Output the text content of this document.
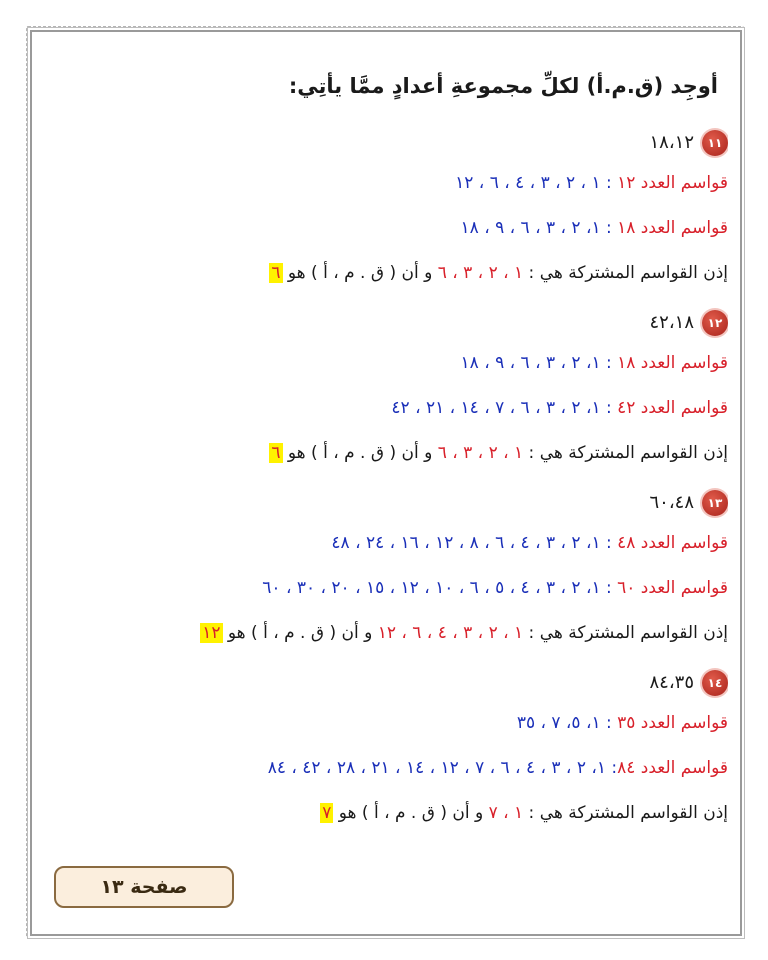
أوجِد (ق.م.أ) لكلِّ مجموعةِ أعدادٍ ممَّا يأتِي:
١١
١٨،١٢
قواسم العدد ١٢ : ١ ، ٢ ، ٣ ، ٤ ، ٦ ، ١٢
قواسم العدد ١٨ : ١، ٢ ، ٣ ، ٦ ، ٩ ، ١٨
إذن القواسم المشتركة هي : ١ ، ٢ ، ٣ ، ٦ و أن ( ق . م ، أ ) هو ٦
١٢
٤٢،١٨
قواسم العدد ١٨ : ١، ٢ ، ٣ ، ٦ ، ٩ ، ١٨
قواسم العدد ٤٢ : ١، ٢ ، ٣ ، ٦ ، ٧ ، ١٤ ، ٢١ ، ٤٢
إذن القواسم المشتركة هي : ١ ، ٢ ، ٣ ، ٦ و أن ( ق . م ، أ ) هو ٦
١٣
٦٠،٤٨
قواسم العدد ٤٨ : ١، ٢ ، ٣ ، ٤ ، ٦ ، ٨ ، ١٢ ، ١٦ ، ٢٤ ، ٤٨
قواسم العدد ٦٠ : ١، ٢ ، ٣ ، ٤ ، ٥ ، ٦ ، ١٠ ، ١٢ ، ١٥ ، ٢٠ ، ٣٠ ، ٦٠
إذن القواسم المشتركة هي : ١ ، ٢ ، ٣ ، ٤ ، ٦ ، ١٢ و أن ( ق . م ، أ ) هو ١٢
١٤
٨٤،٣٥
قواسم العدد ٣٥ : ١، ٥، ٧ ، ٣٥
قواسم العدد ٨٤: ١، ٢ ، ٣ ، ٤ ، ٦ ، ٧ ، ١٢ ، ١٤ ، ٢١ ، ٢٨ ، ٤٢ ، ٨٤
إذن القواسم المشتركة هي : ١ ، ٧ و أن ( ق . م ، أ ) هو ٧
صفحة ١٣
